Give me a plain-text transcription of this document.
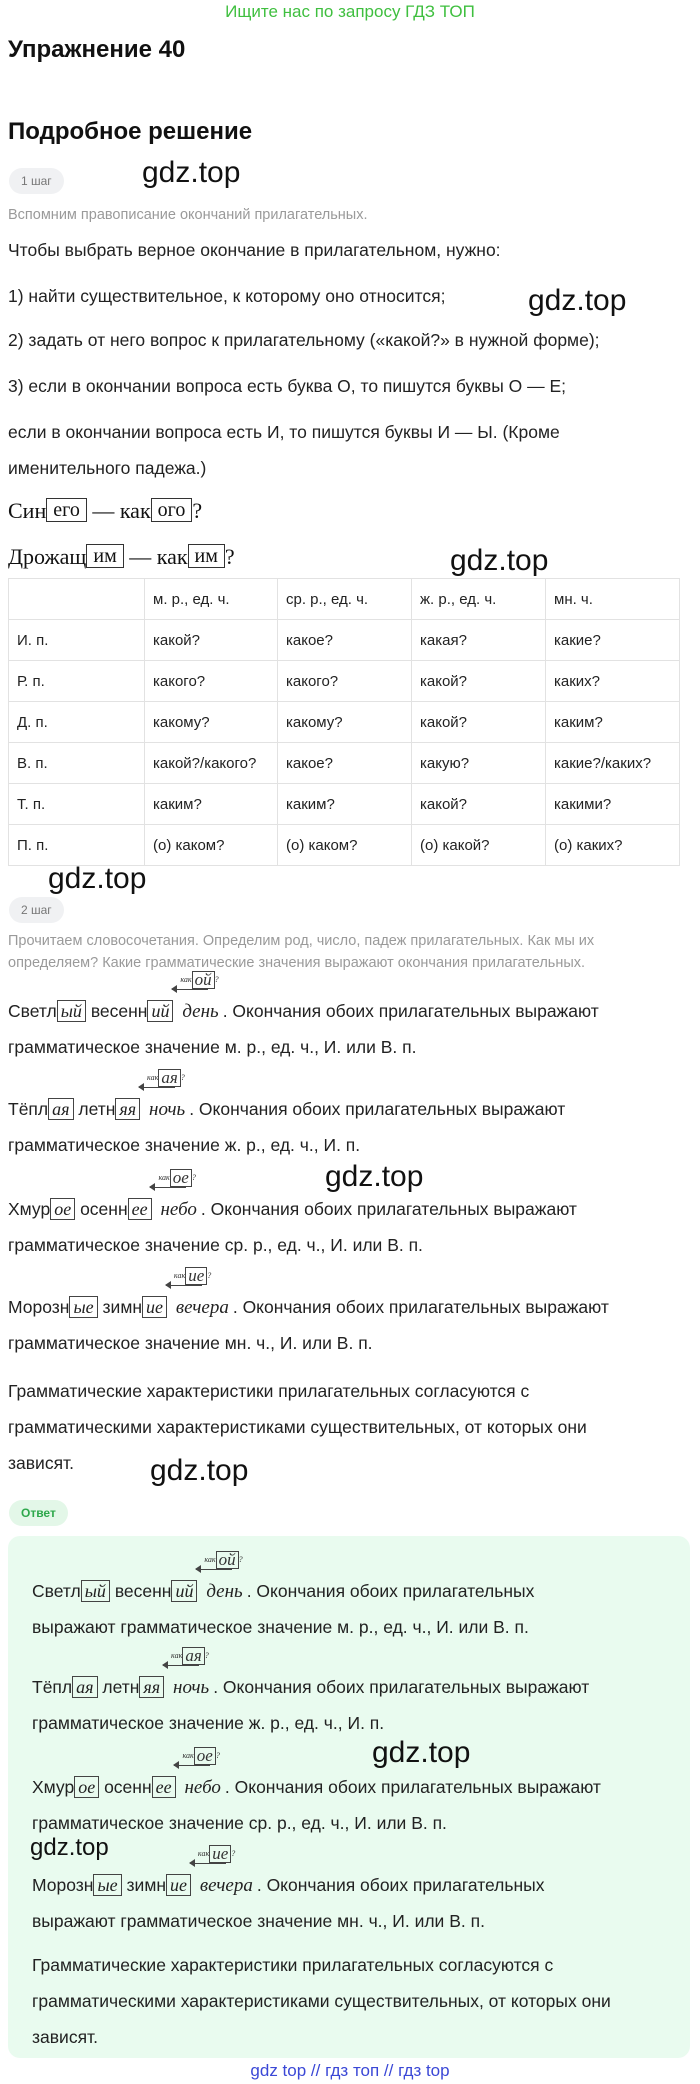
Ищите нас по запросу ГДЗ ТОП
Упражнение 40
Подробное решение
1 шаг	gdz.top
Вспомним правописание окончаний прилагательных.
Чтобы выбрать верное окончание в прилагательном, нужно:
1) найти существительное, к которому оно относится;	gdz.top
2) задать от него вопрос к прилагательному («какой?» в нужной форме);
3) если в окончании вопроса есть буква О, то пишутся буквы О — Е;
если в окончании вопроса есть И, то пишутся буквы И — Ы. (Кроме именительного падежа.)
Син его — как ого ?
Дрожащ им — как им ?	gdz.top
	м. р., ед. ч.	ср. р., ед. ч.	ж. р., ед. ч.	мн. ч.
И. п.	какой?	какое?	какая?	какие?
Р. п.	какого?	какого?	какой?	каких?
Д. п.	какому?	какому?	какой?	каким?
В. п.	какой?/какого?	какое?	какую?	какие?/каких?
Т. п.	каким?	каким?	какой?	какими?
П. п.	(о) каком?	(о) каком?	(о) какой?	(о) каких?
gdz.top
2 шаг
Прочитаем словосочетания. Определим род, число, падеж прилагательных. Как мы их определяем? Какие грамматические значения выражают окончания прилагательных.
Светл ый весенн ий
как ой ?
день . Окончания обоих прилагательных выражают
грамматическое значение м. р., ед. ч., И. или В. п.
Тёпл ая летн яя
как ая ?
ночь . Окончания обоих прилагательных выражают
грамматическое значение ж. р., ед. ч., И. п.
gdz.top
Хмур ое осенн ее
как ое ?
небо . Окончания обоих прилагательных выражают
грамматическое значение ср. р., ед. ч., И. или В. п.
Морозн ые зимн ие
как ие ?
вечера . Окончания обоих прилагательных выражают
грамматическое значение мн. ч., И. или В. п.
Грамматические характеристики прилагательных согласуются с
грамматическими характеристиками существительных, от которых они
зависят.	gdz.top
Ответ
Светл ый весенн ий
как ой ?
день . Окончания обоих прилагательных
выражают грамматическое значение м. р., ед. ч., И. или В. п.
Тёпл ая летн яя
как ая ?
ночь . Окончания обоих прилагательных выражают
грамматическое значение ж. р., ед. ч., И. п.
gdz.top
Хмур ое осенн ее
как ое ?
небо . Окончания обоих прилагательных выражают
грамматическое значение ср. р., ед. ч., И. или В. п.
gdz.top
Морозн ые зимн ие
как ие ?
вечера . Окончания обоих прилагательных
выражают грамматическое значение мн. ч., И. или В. п.
Грамматические характеристики прилагательных согласуются с
грамматическими характеристиками существительных, от которых они
зависят.
gdz top // гдз топ // гдз top
